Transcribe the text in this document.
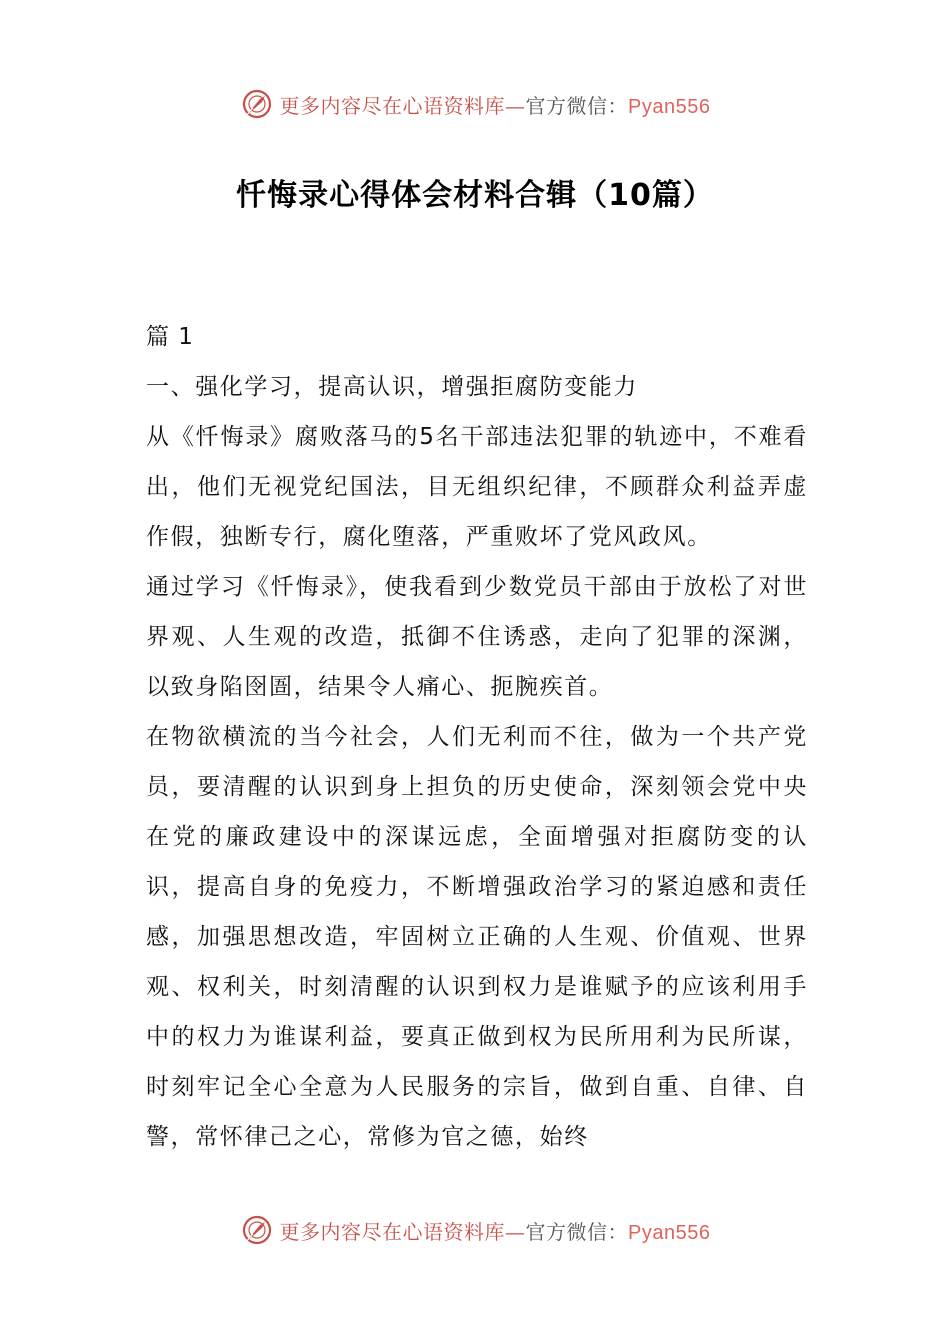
更多内容尽在心语资料库—官方微信：Pyan556
忏悔录心得体会材料合辑（10篇）

篇 1

一、强化学习，提高认识，增强拒腐防变能力

从《忏悔录》腐败落马的5名干部违法犯罪的轨迹中，不难看出，他们无视党纪国法，目无组织纪律，不顾群众利益弄虚作假，独断专行，腐化堕落，严重败坏了党风政风。

通过学习《忏悔录》，使我看到少数党员干部由于放松了对世界观、人生观的改造，抵御不住诱惑，走向了犯罪的深渊，以致身陷囹圄，结果令人痛心、扼腕疾首。

在物欲横流的当今社会，人们无利而不往，做为一个共产党员，要清醒的认识到身上担负的历史使命，深刻领会党中央在党的廉政建设中的深谋远虑，全面增强对拒腐防变的认识，提高自身的免疫力，不断增强政治学习的紧迫感和责任感，加强思想改造，牢固树立正确的人生观、价值观、世界观、权利关，时刻清醒的认识到权力是谁赋予的应该利用手中的权力为谁谋利益，要真正做到权为民所用利为民所谋，时刻牢记全心全意为人民服务的宗旨，做到自重、自律、自警，常怀律己之心，常修为官之德，始终

更多内容尽在心语资料库—官方微信：Pyan556
